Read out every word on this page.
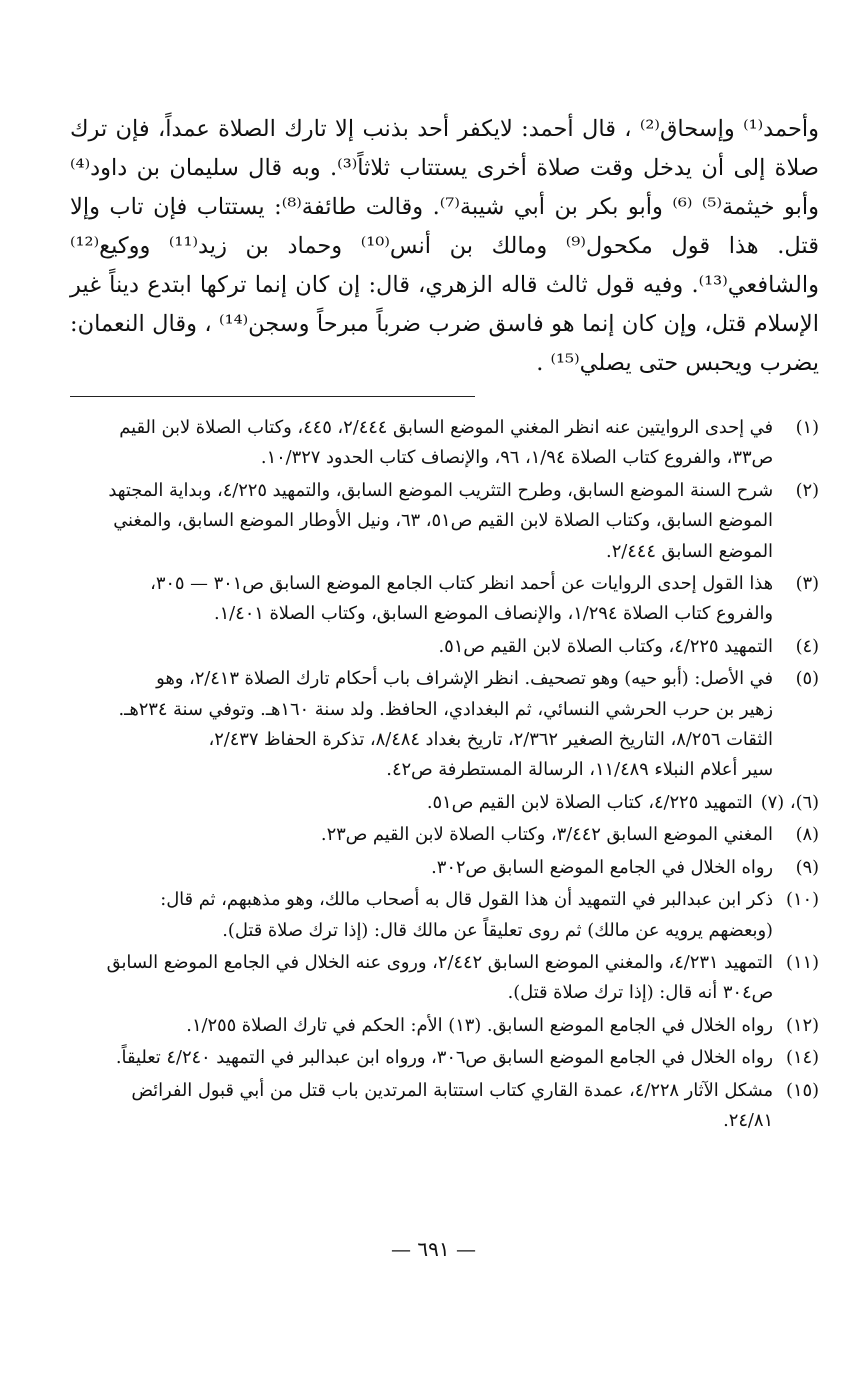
وأحمد⁽¹⁾ وإسحاق⁽²⁾ ، قال أحمد: لايكفر أحد بذنب إلا تارك الصلاة عمداً، فإن ترك صلاة إلى أن يدخل وقت صلاة أخرى يستتاب ثلاثاً⁽³⁾. وبه قال سليمان بن داود⁽⁴⁾ وأبو خيثمة⁽⁵⁾ ⁽⁶⁾ وأبو بكر بن أبي شيبة⁽⁷⁾. وقالت طائفة⁽⁸⁾: يستتاب فإن تاب وإلا قتل. هذا قول مكحول⁽⁹⁾ ومالك بن أنس⁽¹⁰⁾ وحماد بن زيد⁽¹¹⁾ ووكيع⁽¹²⁾ والشافعي⁽¹³⁾. وفيه قول ثالث قاله الزهري، قال: إن كان إنما تركها ابتدع ديناً غير الإسلام قتل، وإن كان إنما هو فاسق ضرب ضرباً مبرحاً وسجن⁽¹⁴⁾ ، وقال النعمان: يضرب ويحبس حتى يصلي⁽¹⁵⁾ .

(١)
في إحدى الروايتين عنه انظر المغني الموضع السابق ٢/٤٤٤، ٤٤٥، وكتاب الصلاة لابن القيم
ص٣٣، والفروع كتاب الصلاة ١/٩٤، ٩٦، والإنصاف كتاب الحدود ١٠/٣٢٧.
(٢)
شرح السنة الموضع السابق، وطرح التثريب الموضع السابق، والتمهيد ٤/٢٢٥، وبداية المجتهد
الموضع السابق، وكتاب الصلاة لابن القيم ص٥١، ٦٣، ونيل الأوطار الموضع السابق، والمغني
الموضع السابق ٢/٤٤٤.
(٣)
هذا القول إحدى الروايات عن أحمد انظر كتاب الجامع الموضع السابق ص٣٠١ — ٣٠٥،
والفروع كتاب الصلاة ١/٢٩٤، والإنصاف الموضع السابق، وكتاب الصلاة ١/٤٠١.
(٤)
التمهيد ٤/٢٢٥، وكتاب الصلاة لابن القيم ص٥١.
(٥)
في الأصل: (أبو حيه) وهو تصحيف. انظر الإشراف باب أحكام تارك الصلاة ٢/٤١٣، وهو
زهير بن حرب الحرشي النسائي، ثم البغدادي، الحافظ. ولد سنة ١٦٠هـ. وتوفي سنة ٢٣٤هـ.
الثقات ٨/٢٥٦، التاريخ الصغير ٢/٣٦٢، تاريخ بغداد ٨/٤٨٤، تذكرة الحفاظ ٢/٤٣٧،
سير أعلام النبلاء ١١/٤٨٩، الرسالة المستطرفة ص٤٢.
(٦)، (٧)
التمهيد ٤/٢٢٥، كتاب الصلاة لابن القيم ص٥١.
(٨)
المغني الموضع السابق ٣/٤٤٢، وكتاب الصلاة لابن القيم ص٢٣.
(٩)
رواه الخلال في الجامع الموضع السابق ص٣٠٢.
(١٠)
ذكر ابن عبدالبر في التمهيد أن هذا القول قال به أصحاب مالك، وهو مذهبهم، ثم قال:
(وبعضهم يرويه عن مالك) ثم روى تعليقاً عن مالك قال: (إذا ترك صلاة قتل).
(١١)
التمهيد ٤/٢٣١، والمغني الموضع السابق ٢/٤٤٢، وروى عنه الخلال في الجامع الموضع السابق
ص٣٠٤ أنه قال: (إذا ترك صلاة قتل).
(١٢)
رواه الخلال في الجامع الموضع السابق. (١٣) الأم: الحكم في تارك الصلاة ١/٢٥٥.
(١٤)
رواه الخلال في الجامع الموضع السابق ص٣٠٦، ورواه ابن عبدالبر في التمهيد ٤/٢٤٠ تعليقاً.
(١٥)
مشكل الآثار ٤/٢٢٨، عمدة القاري كتاب استتابة المرتدين باب قتل من أبي قبول الفرائض
٢٤/٨١.
— ٦٩١ —
